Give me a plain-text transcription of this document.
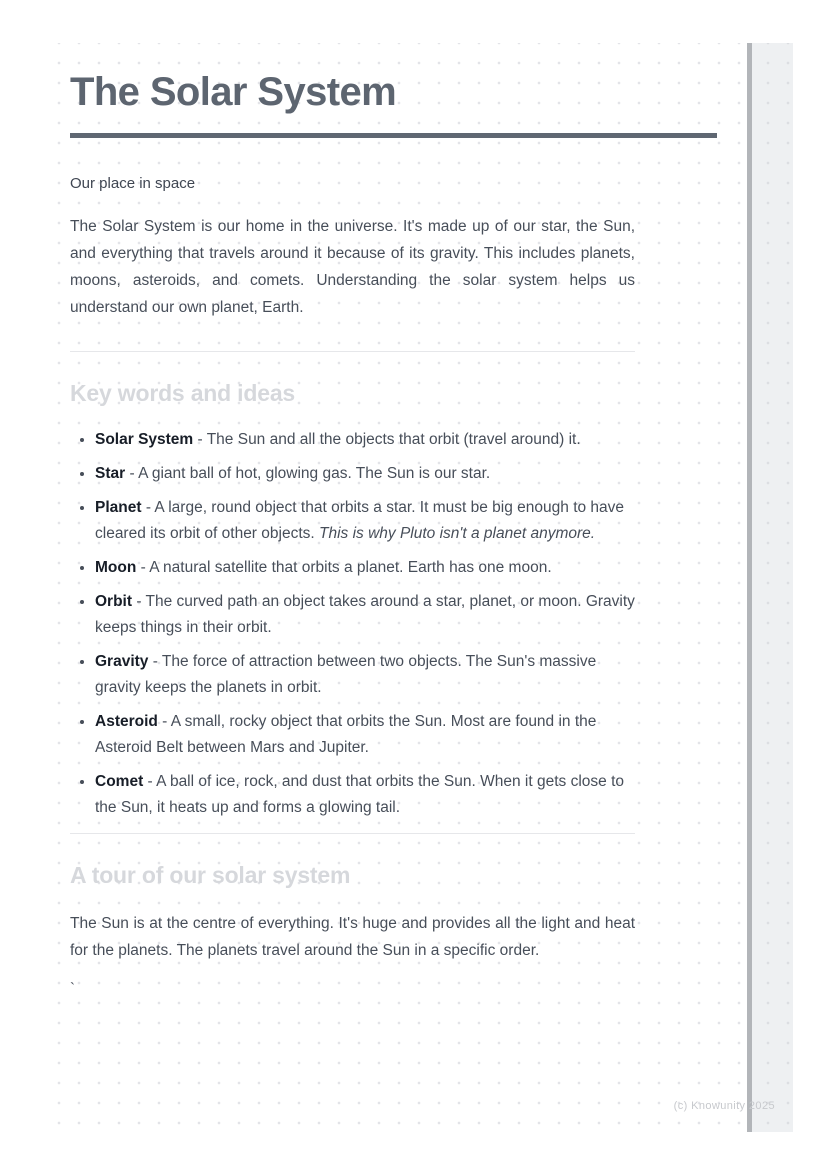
The Solar System
Our place in space

The Solar System is our home in the universe. It's made up of our star, the Sun, and everything that travels around it because of its gravity. This includes planets, moons, asteroids, and comets. Understanding the solar system helps us understand our own planet, Earth.

Key words and ideas
• Solar System - The Sun and all the objects that orbit (travel around) it.
• Star - A giant ball of hot, glowing gas. The Sun is our star.
• Planet - A large, round object that orbits a star. It must be big enough to have cleared its orbit of other objects. This is why Pluto isn't a planet anymore.
• Moon - A natural satellite that orbits a planet. Earth has one moon.
• Orbit - The curved path an object takes around a star, planet, or moon. Gravity keeps things in their orbit.
• Gravity - The force of attraction between two objects. The Sun's massive gravity keeps the planets in orbit.
• Asteroid - A small, rocky object that orbits the Sun. Most are found in the Asteroid Belt between Mars and Jupiter.
• Comet - A ball of ice, rock, and dust that orbits the Sun. When it gets close to the Sun, it heats up and forms a glowing tail.
A tour of our solar system

The Sun is at the centre of everything. It's huge and provides all the light and heat for the planets. The planets travel around the Sun in a specific order.

`
(c) Knowunity 2025
